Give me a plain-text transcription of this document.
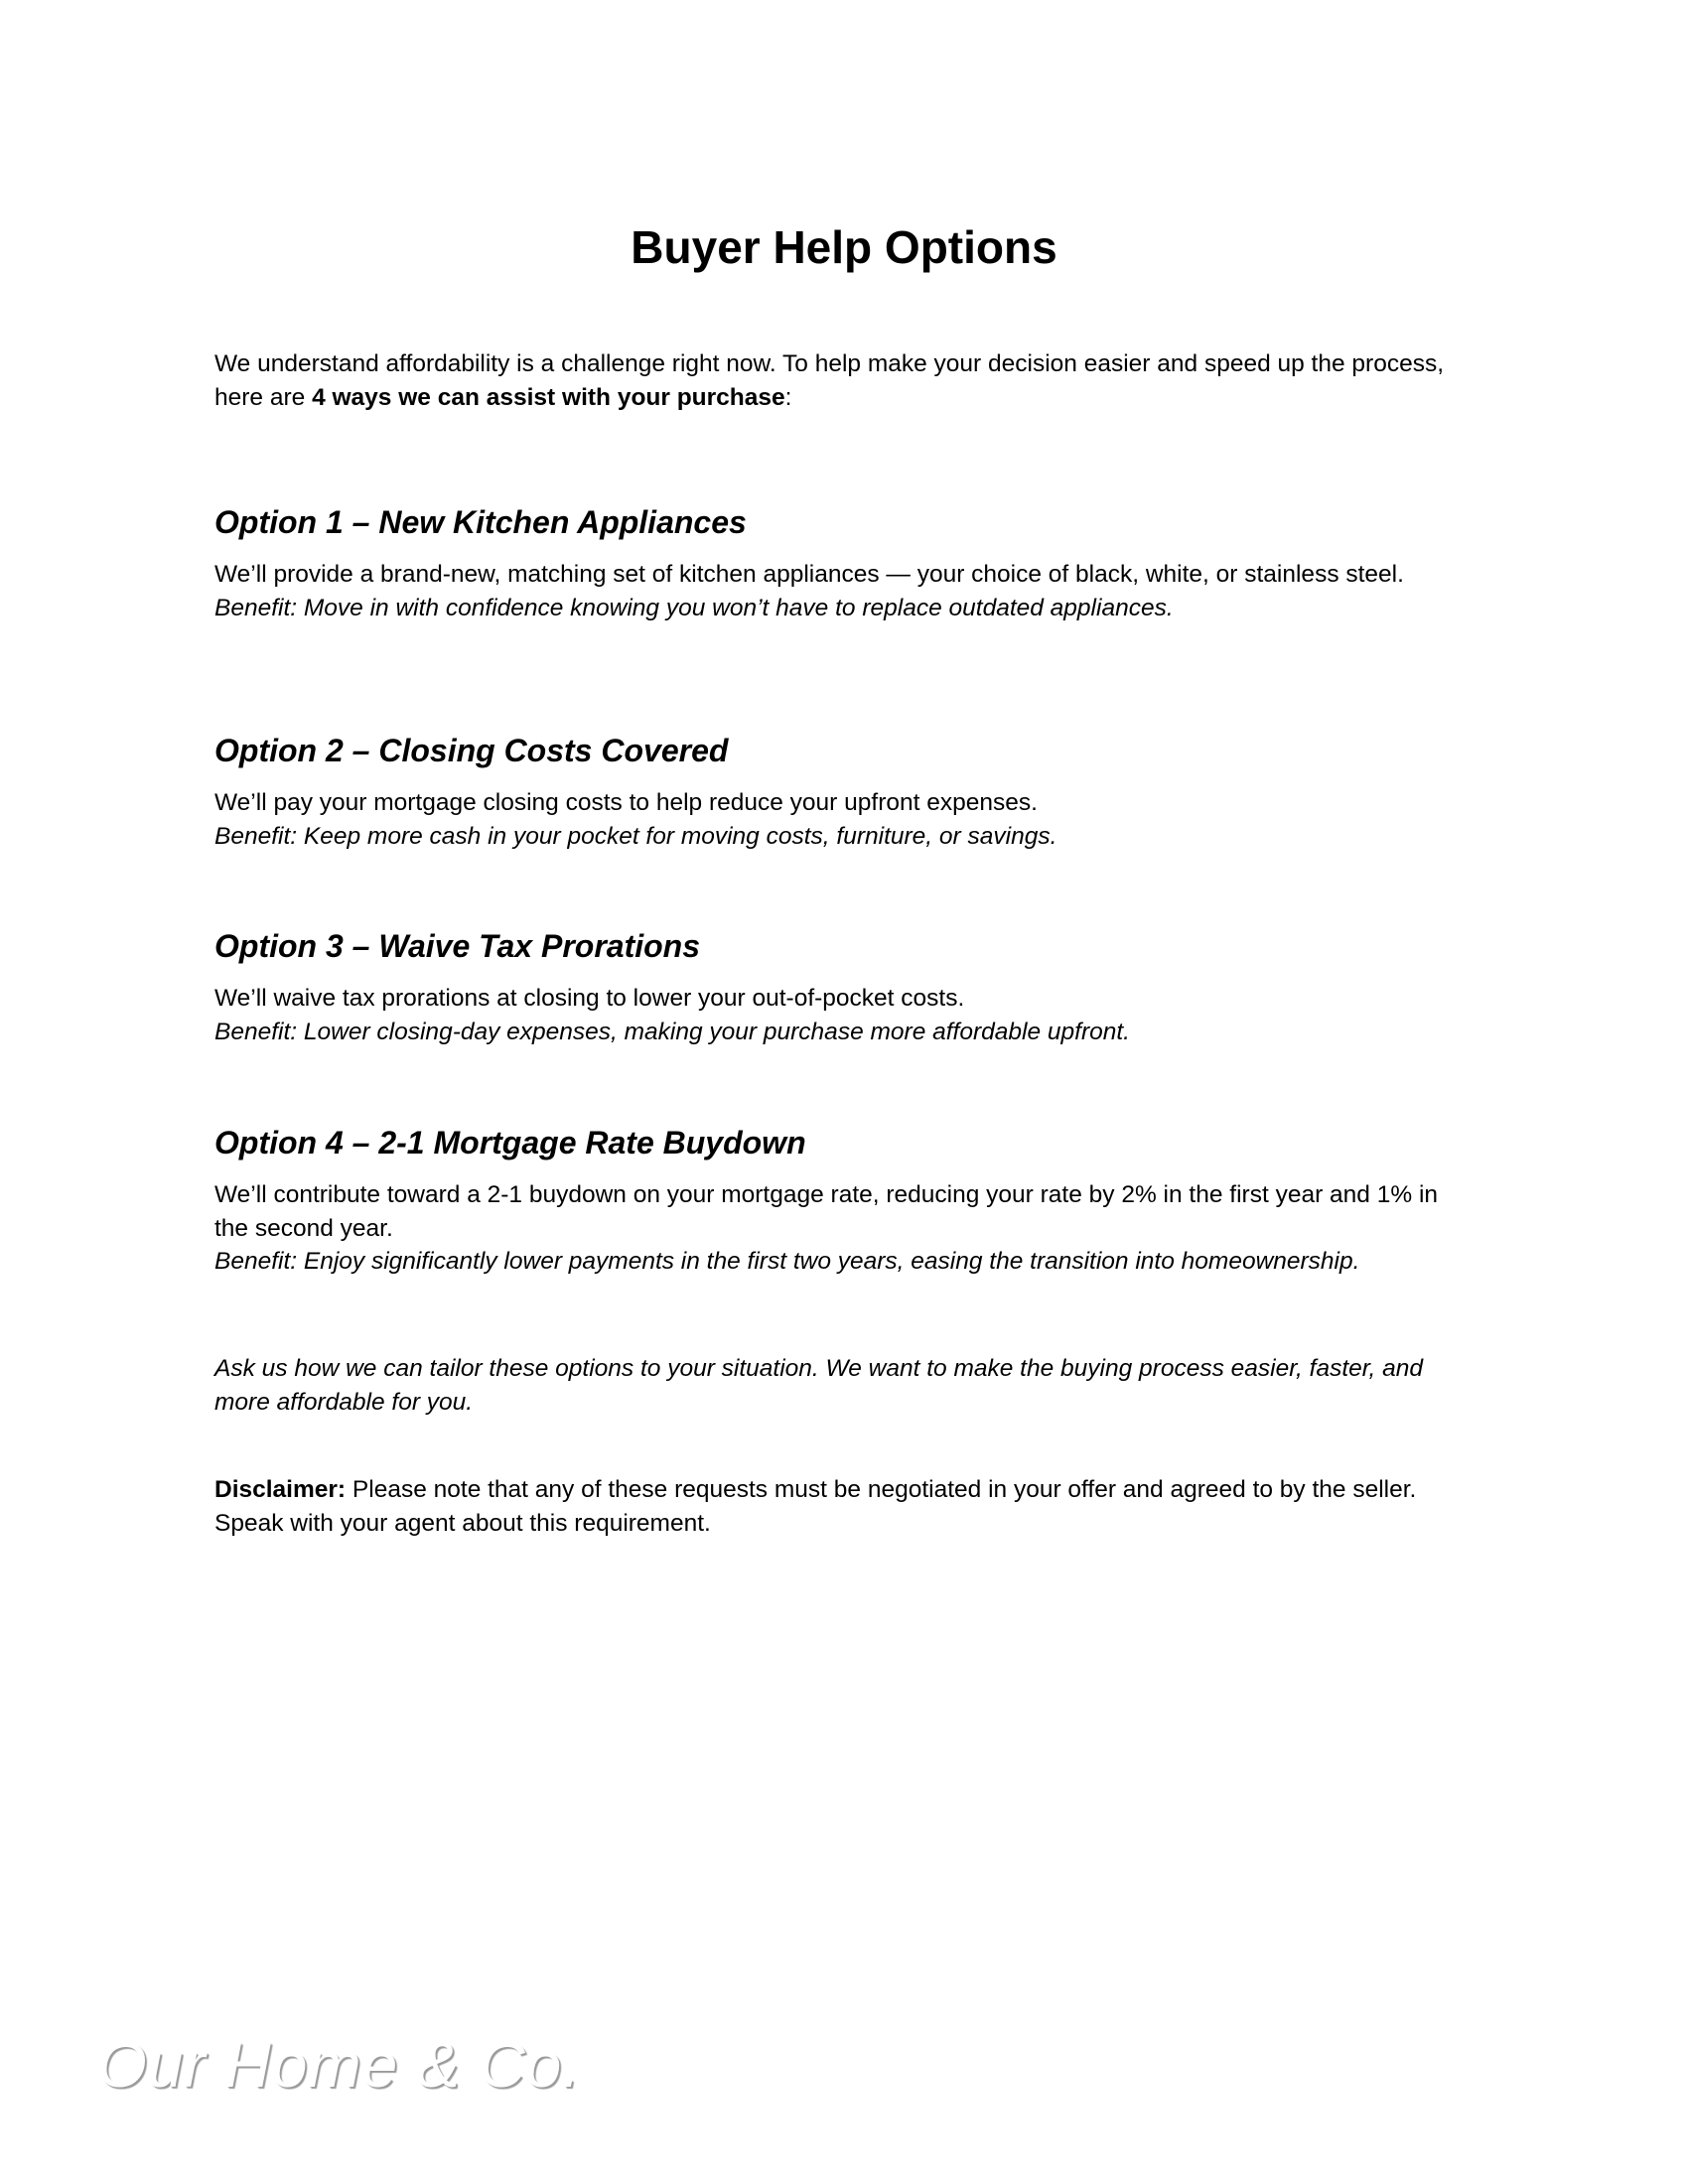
Buyer Help Options

We understand affordability is a challenge right now. To help make your decision easier and speed up the process, here are 4 ways we can assist with your purchase:

Option 1 – New Kitchen Appliances

We’ll provide a brand-new, matching set of kitchen appliances — your choice of black, white, or stainless steel.
Benefit: Move in with confidence knowing you won’t have to replace outdated appliances.

Option 2 – Closing Costs Covered

We’ll pay your mortgage closing costs to help reduce your upfront expenses.
Benefit: Keep more cash in your pocket for moving costs, furniture, or savings.

Option 3 – Waive Tax Prorations

We’ll waive tax prorations at closing to lower your out-of-pocket costs.
Benefit: Lower closing-day expenses, making your purchase more affordable upfront.

Option 4 – 2-1 Mortgage Rate Buydown

We’ll contribute toward a 2-1 buydown on your mortgage rate, reducing your rate by 2% in the first year and 1% in the second year.
Benefit: Enjoy significantly lower payments in the first two years, easing the transition into homeownership.

Ask us how we can tailor these options to your situation. We want to make the buying process easier, faster, and more affordable for you.

Disclaimer: Please note that any of these requests must be negotiated in your offer and agreed to by the seller. Speak with your agent about this requirement.

Our Home & Co.
